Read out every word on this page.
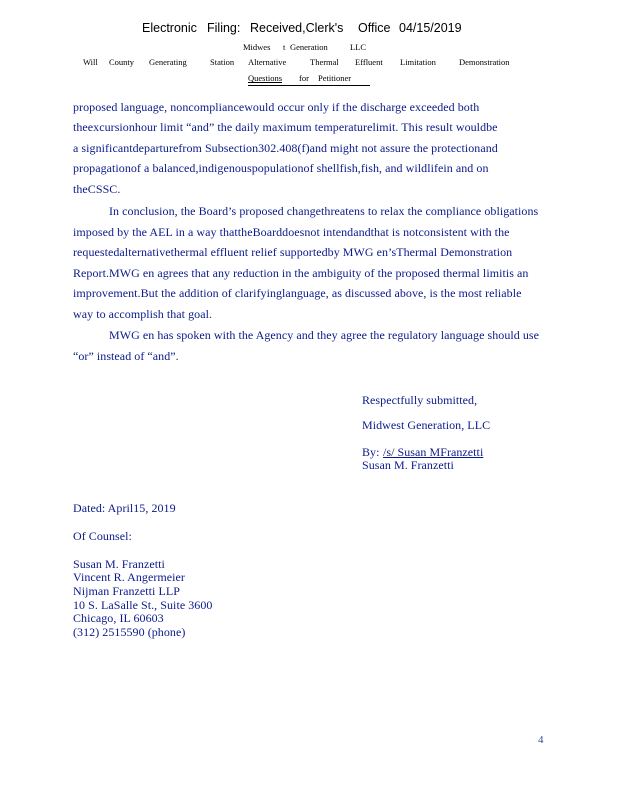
Electronic Filing: Received,Clerk's Office 04/15/2019
Midwes t Generation	LLC
Will County Generating	Station Alternative	Thermal Effluent Limitation	Demonstration
Questions for Petitioner
proposed language, noncompliancewould occur only if the discharge exceeded both
theexcursionhour limit “and” the daily maximum temperaturelimit. This result wouldbe
a significantdeparturefrom Subsection302.408(f)and might not assure the protectionand
propagationof a balanced,indigenouspopulationof shellfish,fish, and wildlifein and on
theCSSC.
In conclusion, the Board’s proposed changethreatens to relax the compliance obligations
imposed by the AEL in a way thattheBoarddoesnot intendandthat is notconsistent with the
requestedalternativethermal effluent relief supportedby MWG en’sThermal Demonstration
Report.MWG en agrees that any reduction in the ambiguity of the proposed thermal limitis an
improvement.But the addition of clarifyinglanguage, as discussed above, is the most reliable
way to accomplish that goal.
MWG en has spoken with the Agency and they agree the regulatory language should use
“or” instead of “and”.
Respectfully submitted,
Midwest Generation, LLC
By: /s/ Susan MFranzetti
Susan M. Franzetti
Dated: April15, 2019
Of Counsel:
Susan M. Franzetti
Vincent R. Angermeier
Nijman Franzetti LLP
10 S. LaSalle St., Suite 3600
Chicago, IL 60603
(312) 2515590 (phone)
4
